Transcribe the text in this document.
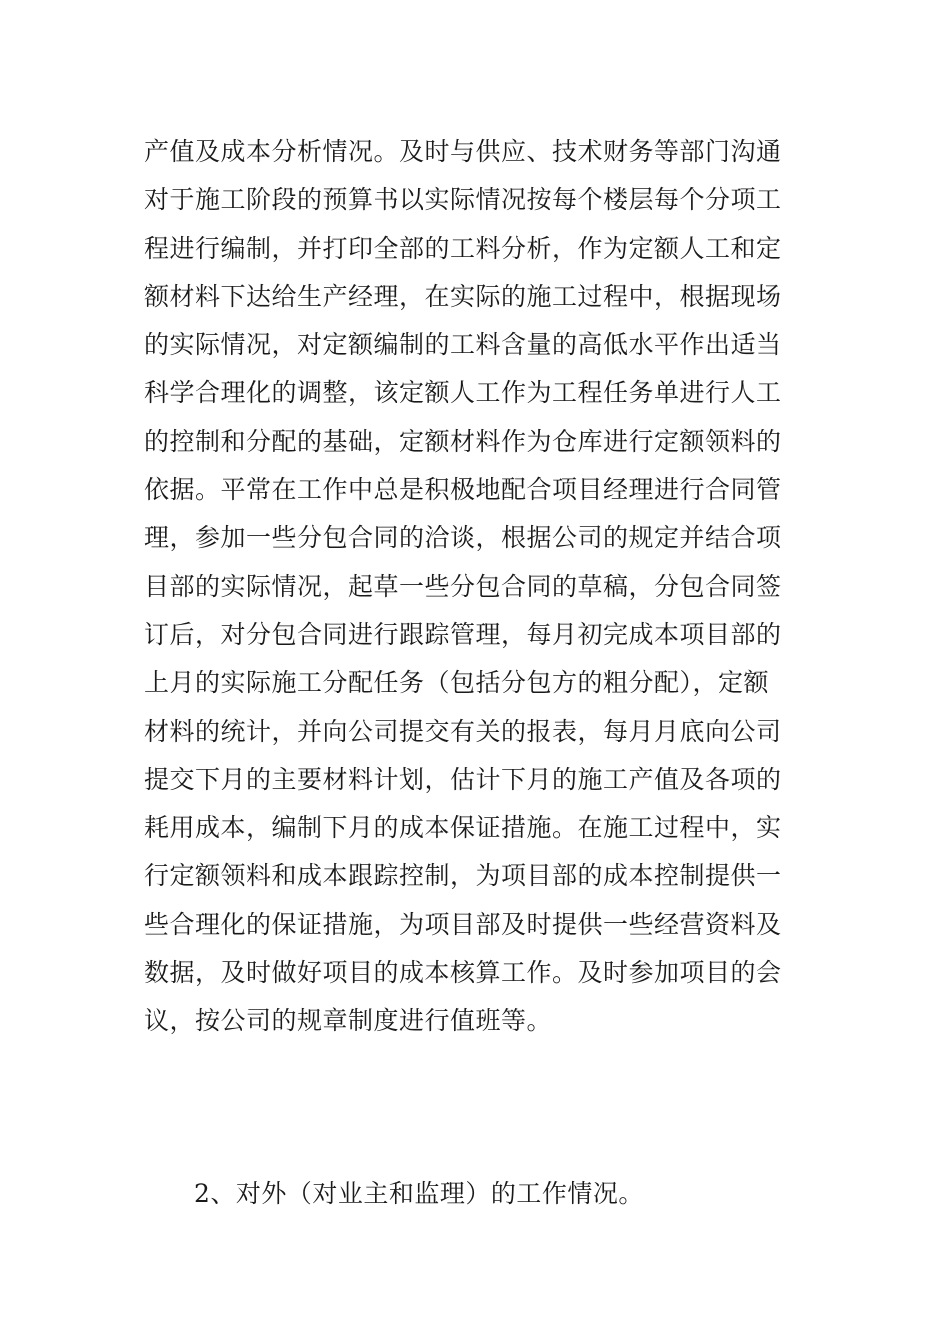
产值及成本分析情况。及时与供应、技术财务等部门沟通
对于施工阶段的预算书以实际情况按每个楼层每个分项工
程进行编制，并打印全部的工料分析，作为定额人工和定
额材料下达给生产经理，在实际的施工过程中，根据现场
的实际情况，对定额编制的工料含量的高低水平作出适当
科学合理化的调整，该定额人工作为工程任务单进行人工
的控制和分配的基础，定额材料作为仓库进行定额领料的
依据。平常在工作中总是积极地配合项目经理进行合同管
理，参加一些分包合同的洽谈，根据公司的规定并结合项
目部的实际情况，起草一些分包合同的草稿，分包合同签
订后，对分包合同进行跟踪管理，每月初完成本项目部的
上月的实际施工分配任务（包括分包方的粗分配），定额
材料的统计，并向公司提交有关的报表，每月月底向公司
提交下月的主要材料计划，估计下月的施工产值及各项的
耗用成本，编制下月的成本保证措施。在施工过程中，实
行定额领料和成本跟踪控制，为项目部的成本控制提供一
些合理化的保证措施，为项目部及时提供一些经营资料及
数据，及时做好项目的成本核算工作。及时参加项目的会
议，按公司的规章制度进行值班等。

2、对外（对业主和监理）的工作情况。
